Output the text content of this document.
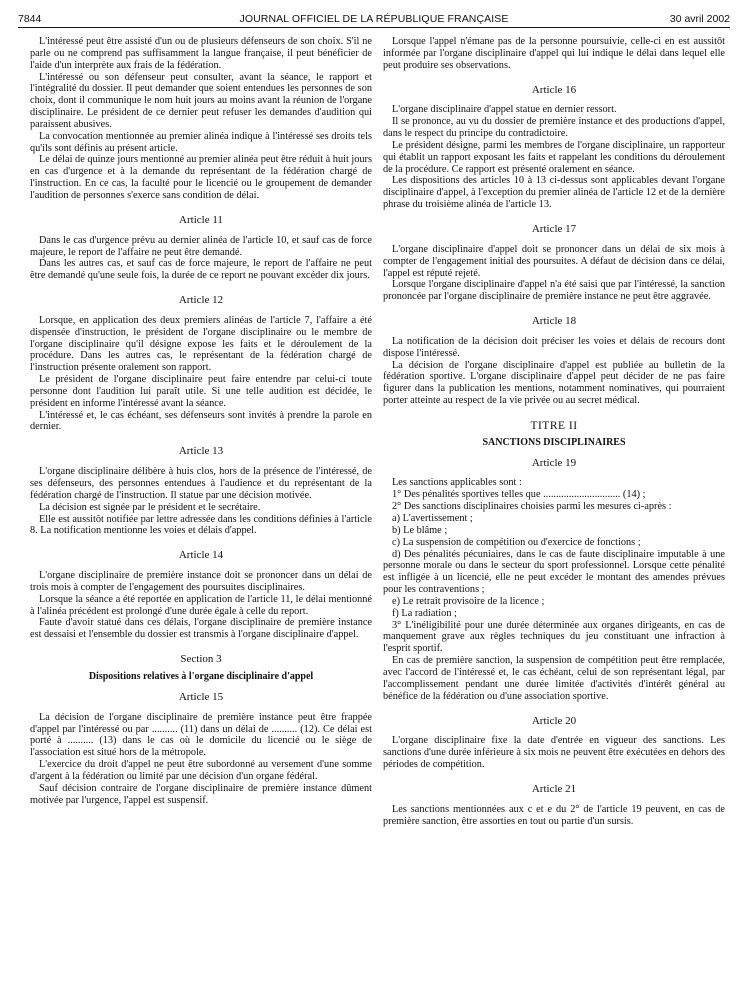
7844	JOURNAL OFFICIEL DE LA RÉPUBLIQUE FRANÇAISE	30 avril 2002

L'intéressé peut être assisté d'un ou de plusieurs défenseurs de son choix. S'il ne parle ou ne comprend pas suffisamment la langue française, il peut bénéficier de l'aide d'un interprète aux frais de la fédération.

L'intéressé ou son défenseur peut consulter, avant la séance, le rapport et l'intégralité du dossier. Il peut demander que soient entendues les personnes de son choix, dont il communique le nom huit jours au moins avant la réunion de l'organe disciplinaire. Le président de ce dernier peut refuser les demandes d'audition qui paraissent abusives.

La convocation mentionnée au premier alinéa indique à l'intéressé ses droits tels qu'ils sont définis au présent article.

Le délai de quinze jours mentionné au premier alinéa peut être réduit à huit jours en cas d'urgence et à la demande du représentant de la fédération chargé de l'instruction. En ce cas, la faculté pour le licencié ou le groupement de demander l'audition de personnes s'exerce sans condition de délai.

Article 11

Dans le cas d'urgence prévu au dernier alinéa de l'article 10, et sauf cas de force majeure, le report de l'affaire ne peut être demandé.

Dans les autres cas, et sauf cas de force majeure, le report de l'affaire ne peut être demandé qu'une seule fois, la durée de ce report ne pouvant excéder dix jours.

Article 12

Lorsque, en application des deux premiers alinéas de l'article 7, l'affaire a été dispensée d'instruction, le président de l'organe disciplinaire ou le membre de l'organe disciplinaire qu'il désigne expose les faits et le déroulement de la procédure. Dans les autres cas, le représentant de la fédération chargé de l'instruction présente oralement son rapport.

Le président de l'organe disciplinaire peut faire entendre par celui-ci toute personne dont l'audition lui paraît utile. Si une telle audition est décidée, le président en informe l'intéressé avant la séance.

L'intéressé et, le cas échéant, ses défenseurs sont invités à prendre la parole en dernier.

Article 13

L'organe disciplinaire délibère à huis clos, hors de la présence de l'intéressé, de ses défenseurs, des personnes entendues à l'audience et du représentant de la fédération chargé de l'instruction. Il statue par une décision motivée.

La décision est signée par le président et le secrétaire.

Elle est aussitôt notifiée par lettre adressée dans les conditions définies à l'article 8. La notification mentionne les voies et délais d'appel.

Article 14

L'organe disciplinaire de première instance doit se prononcer dans un délai de trois mois à compter de l'engagement des poursuites disciplinaires.

Lorsque la séance a été reportée en application de l'article 11, le délai mentionné à l'alinéa précédent est prolongé d'une durée égale à celle du report.

Faute d'avoir statué dans ces délais, l'organe disciplinaire de première instance est dessaisi et l'ensemble du dossier est transmis à l'organe disciplinaire d'appel.

Section 3
Dispositions relatives à l'organe disciplinaire d'appel
Article 15

La décision de l'organe disciplinaire de première instance peut être frappée d'appel par l'intéressé ou par .......... (11) dans un délai de .......... (12). Ce délai est porté à .......... (13) dans le cas où le domicile du licencié ou le siège de l'association est situé hors de la métropole.

L'exercice du droit d'appel ne peut être subordonné au versement d'une somme d'argent à la fédération ou limité par une décision d'un organe fédéral.

Sauf décision contraire de l'organe disciplinaire de première instance dûment motivée par l'urgence, l'appel est suspensif.

Lorsque l'appel n'émane pas de la personne poursuivie, celle-ci en est aussitôt informée par l'organe disciplinaire d'appel qui lui indique le délai dans lequel elle peut produire ses observations.

Article 16

L'organe disciplinaire d'appel statue en dernier ressort.

Il se prononce, au vu du dossier de première instance et des productions d'appel, dans le respect du principe du contradictoire.

Le président désigne, parmi les membres de l'organe disciplinaire, un rapporteur qui établit un rapport exposant les faits et rappelant les conditions du déroulement de la procédure. Ce rapport est présenté oralement en séance.

Les dispositions des articles 10 à 13 ci-dessus sont applicables devant l'organe disciplinaire d'appel, à l'exception du premier alinéa de l'article 12 et de la dernière phrase du troisième alinéa de l'article 13.

Article 17

L'organe disciplinaire d'appel doit se prononcer dans un délai de six mois à compter de l'engagement initial des poursuites. A défaut de décision dans ce délai, l'appel est réputé rejeté.

Lorsque l'organe disciplinaire d'appel n'a été saisi que par l'intéressé, la sanction prononcée par l'organe disciplinaire de première instance ne peut être aggravée.

Article 18

La notification de la décision doit préciser les voies et délais de recours dont dispose l'intéressé.

La décision de l'organe disciplinaire d'appel est publiée au bulletin de la fédération sportive. L'organe disciplinaire d'appel peut décider de ne pas faire figurer dans la publication les mentions, notamment nominatives, qui pourraient porter atteinte au respect de la vie privée ou au secret médical.

TITRE II
SANCTIONS DISCIPLINAIRES
Article 19

Les sanctions applicables sont :

1° Des pénalités sportives telles que .............................. (14) ;

2° Des sanctions disciplinaires choisies parmi les mesures ci-après :

a) L'avertissement ;

b) Le blâme ;

c) La suspension de compétition ou d'exercice de fonctions ;

d) Des pénalités pécuniaires, dans le cas de faute disciplinaire imputable à une personne morale ou dans le secteur du sport professionnel. Lorsque cette pénalité est infligée à un licencié, elle ne peut excéder le montant des amendes prévues pour les contraventions ;

e) Le retrait provisoire de la licence ;

f) La radiation ;

3° L'inéligibilité pour une durée déterminée aux organes dirigeants, en cas de manquement grave aux règles techniques du jeu constituant une infraction à l'esprit sportif.

En cas de première sanction, la suspension de compétition peut être remplacée, avec l'accord de l'intéressé et, le cas échéant, celui de son représentant légal, par l'accomplissement pendant une durée limitée d'activités d'intérêt général au bénéfice de la fédération ou d'une association sportive.

Article 20

L'organe disciplinaire fixe la date d'entrée en vigueur des sanctions. Les sanctions d'une durée inférieure à six mois ne peuvent être exécutées en dehors des périodes de compétition.

Article 21

Les sanctions mentionnées aux c et e du 2° de l'article 19 peuvent, en cas de première sanction, être assorties en tout ou partie d'un sursis.
